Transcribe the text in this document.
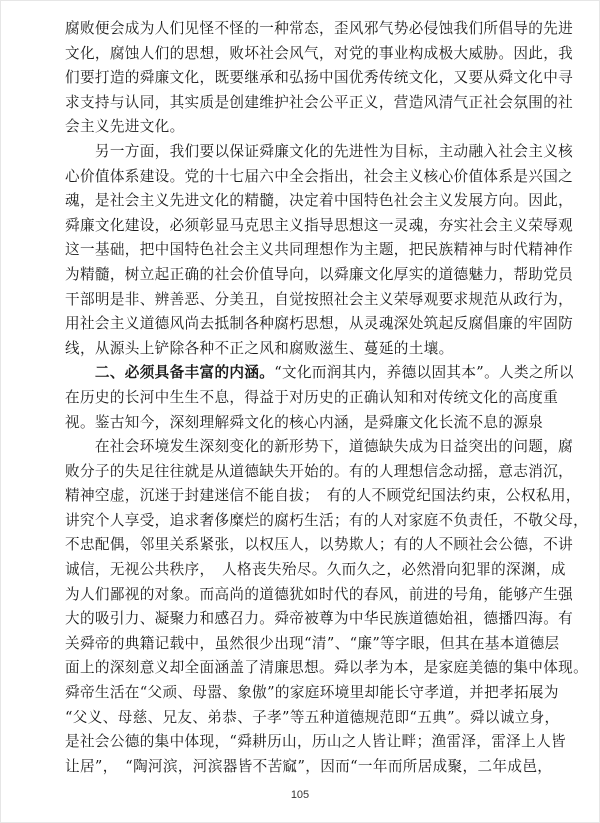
腐败便会成为人们见怪不怪的一种常态，歪风邪气势必侵蚀我们所倡导的先进
文化，腐蚀人们的思想，败坏社会风气，对党的事业构成极大威胁。因此，我
们要打造的舜廉文化，既要继承和弘扬中国优秀传统文化，又要从舜文化中寻
求支持与认同，其实质是创建维护社会公平正义，营造风清气正社会氛围的社
会主义先进文化。
　　另一方面，我们要以保证舜廉文化的先进性为目标，主动融入社会主义核
心价值体系建设。党的十七届六中全会指出，社会主义核心价值体系是兴国之
魂，是社会主义先进文化的精髓，决定着中国特色社会主义发展方向。因此，
舜廉文化建设，必须彰显马克思主义指导思想这一灵魂，夯实社会主义荣辱观
这一基础，把中国特色社会主义共同理想作为主题，把民族精神与时代精神作
为精髓，树立起正确的社会价值导向，以舜廉文化厚实的道德魅力，帮助党员
干部明是非、辨善恶、分美丑，自觉按照社会主义荣辱观要求规范从政行为，
用社会主义道德风尚去抵制各种腐朽思想，从灵魂深处筑起反腐倡廉的牢固防
线，从源头上铲除各种不正之风和腐败滋生、蔓延的土壤。
　　二、必须具备丰富的内涵。“文化而润其内，养德以固其本”。人类之所以
在历史的长河中生生不息，得益于对历史的正确认知和对传统文化的高度重
视。鉴古知今，深刻理解舜文化的核心内涵，是舜廉文化长流不息的源泉
　　在社会环境发生深刻变化的新形势下，道德缺失成为日益突出的问题，腐
败分子的失足往往就是从道德缺失开始的。有的人理想信念动摇，意志消沉，
精神空虚，沉迷于封建迷信不能自拔；　有的人不顾党纪国法约束，公权私用，
讲究个人享受，追求奢侈糜烂的腐朽生活；有的人对家庭不负责任，不敬父母，
不忠配偶，邻里关系紧张，以权压人，以势欺人；有的人不顾社会公德，不讲
诚信，无视公共秩序，　人格丧失殆尽。久而久之，必然滑向犯罪的深渊，成
为人们鄙视的对象。而高尚的道德犹如时代的春风，前进的号角，能够产生强
大的吸引力、凝聚力和感召力。舜帝被尊为中华民族道德始祖，德播四海。有
关舜帝的典籍记载中，虽然很少出现“清”、“廉”等字眼，但其在基本道德层
面上的深刻意义却全面涵盖了清廉思想。舜以孝为本，是家庭美德的集中体现。
舜帝生活在“父顽、母嚣、象傲”的家庭环境里却能长守孝道，并把孝拓展为
“父义、母慈、兄友、弟恭、子孝”等五种道德规范即“五典”。舜以诚立身，
是社会公德的集中体现，“舜耕历山，历山之人皆让畔；渔雷泽，雷泽上人皆
让居”，　“陶河滨，河滨器皆不苦窳”，因而“一年而所居成聚，二年成邑，
105
